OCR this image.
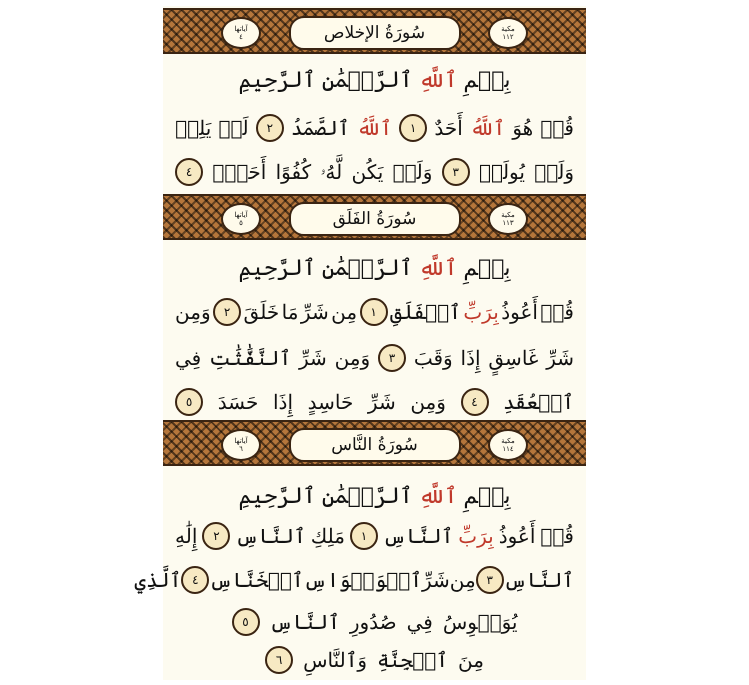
آياتها
٤	سُورَةُ الإخلاص	مكية
١١٢
بِسۡمِٱللَّهِٱلرَّحۡمَٰنِٱلرَّحِيمِ
قُلۡ
هُوَ
ٱللَّهُ
أَحَدٌ
١
ٱللَّهُ
ٱلصَّمَدُ
٢
لَمۡ
يَلِدۡ
وَلَمۡ
يُولَدۡ
٣
وَلَمۡ
يَكُن
لَّهُۥ
كُفُوًا
أَحَدُۢ
٤
آياتها
٥	سُورَةُ الفَلَق	مكية
١١٣
بِسۡمِٱللَّهِٱلرَّحۡمَٰنِٱلرَّحِيمِ
قُلۡ
أَعُوذُ
بِرَبِّ
ٱلۡفَلَقِ
١
مِن
شَرِّ
مَا
خَلَقَ
٢
وَمِن
شَرِّ
غَاسِقٍ
إِذَا
وَقَبَ
٣
وَمِن
شَرِّ
ٱلنَّفَّٰثَٰتِ
فِي
ٱلۡعُقَدِ
٤
وَمِن
شَرِّ
حَاسِدٍ
إِذَا
حَسَدَ
٥
آياتها
٦	سُورَةُ النَّاس	مكية
١١٤
بِسۡمِٱللَّهِٱلرَّحۡمَٰنِٱلرَّحِيمِ
قُلۡ
أَعُوذُ
بِرَبِّ
ٱلنَّاسِ
١
مَلِكِ
ٱلنَّاسِ
٢
إِلَٰهِ
ٱلنَّاسِ
٣
مِن
شَرِّ
ٱلۡوَسۡوَاسِ
ٱلۡخَنَّاسِ
٤
ٱلَّذِي
يُوَسۡوِسُ
فِي
صُدُورِ
ٱلنَّاسِ
٥
مِنَ
ٱلۡجِنَّةِ
وَٱلنَّاسِ
٦
